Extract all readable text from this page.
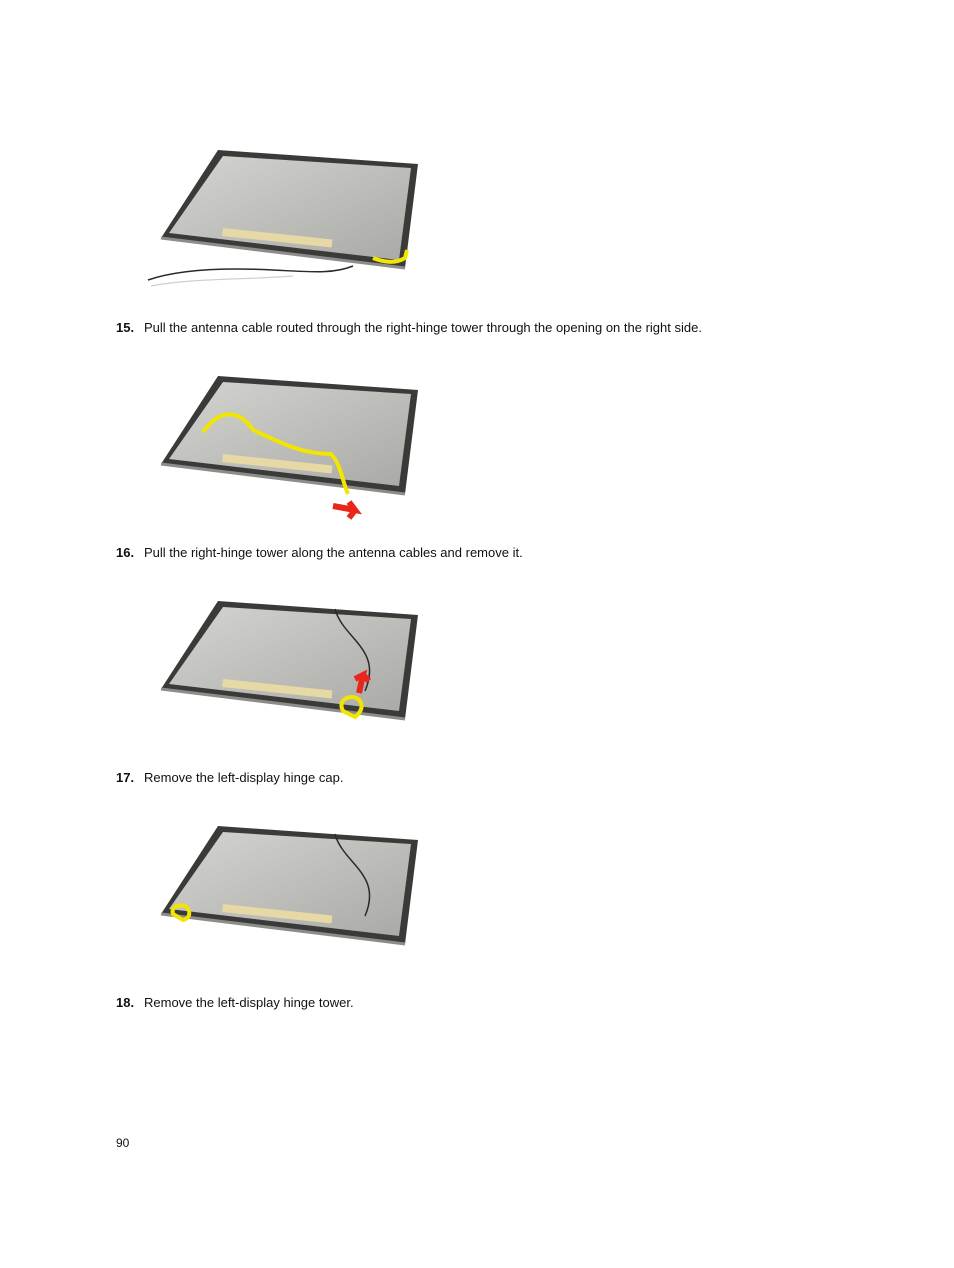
15. Pull the antenna cable routed through the right-hinge tower through the opening on the right side.
16. Pull the right-hinge tower along the antenna cables and remove it.
17. Remove the left-display hinge cap.
18. Remove the left-display hinge tower.
90
